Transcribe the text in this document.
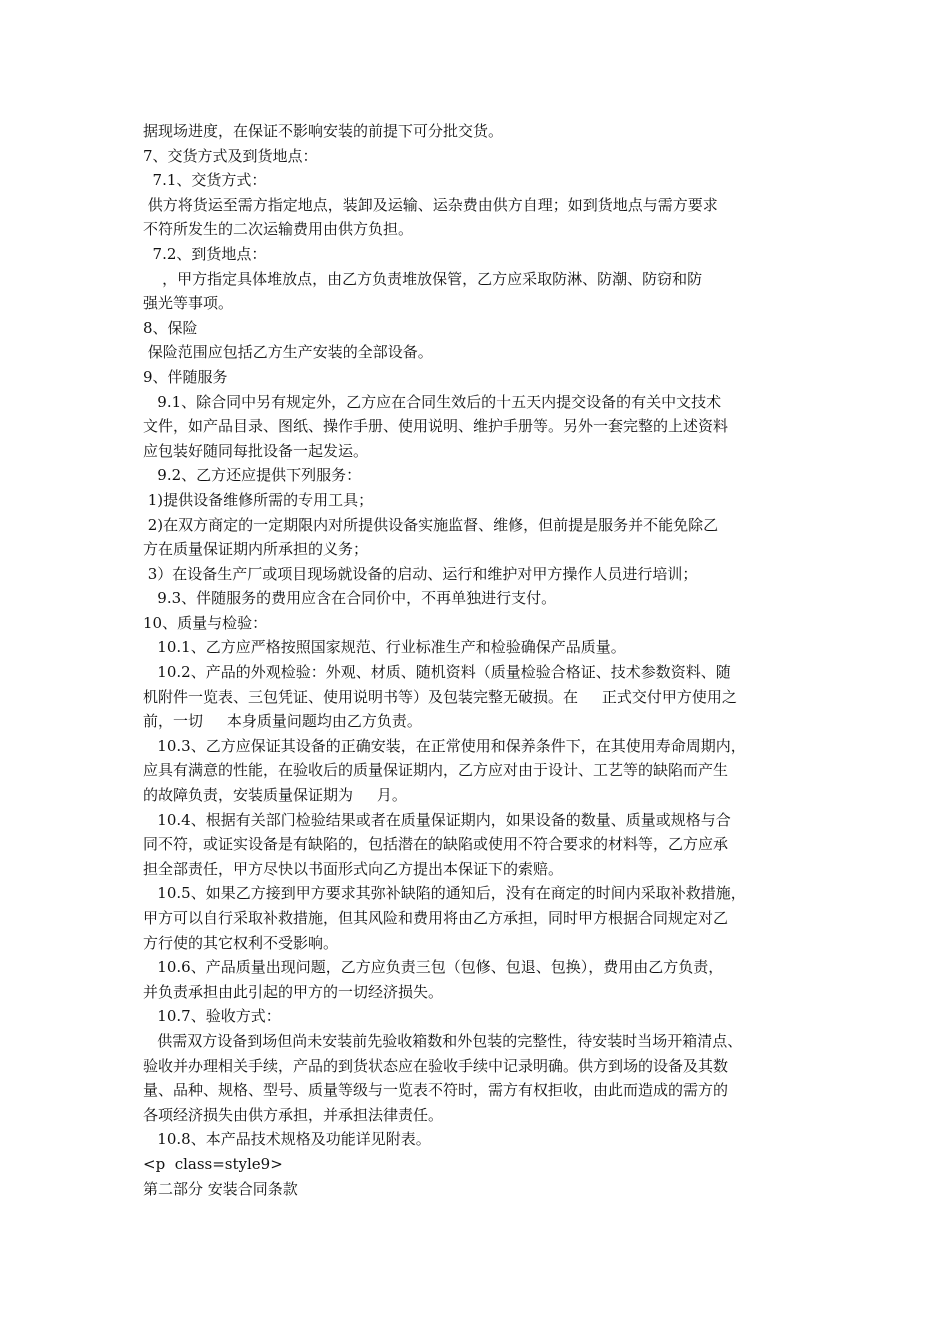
据现场进度，在保证不影响安装的前提下可分批交货。
7、交货方式及到货地点：
7.1、交货方式：
供方将货运至需方指定地点，装卸及运输、运杂费由供方自理；如到货地点与需方要求
不符所发生的二次运输费用由供方负担。
7.2、到货地点：
，甲方指定具体堆放点，由乙方负责堆放保管，乙方应采取防淋、防潮、防窃和防
强光等事项。
8、保险
保险范围应包括乙方生产安装的全部设备。
9、伴随服务
9.1、除合同中另有规定外，乙方应在合同生效后的十五天内提交设备的有关中文技术
文件，如产品目录、图纸、操作手册、使用说明、维护手册等。另外一套完整的上述资料
应包装好随同每批设备一起发运。
9.2、乙方还应提供下列服务：
1)提供设备维修所需的专用工具；
2)在双方商定的一定期限内对所提供设备实施监督、维修，但前提是服务并不能免除乙
方在质量保证期内所承担的义务；
3）在设备生产厂或项目现场就设备的启动、运行和维护对甲方操作人员进行培训；
9.3、伴随服务的费用应含在合同价中，不再单独进行支付。
10、质量与检验：
10.1、乙方应严格按照国家规范、行业标准生产和检验确保产品质量。
10.2、产品的外观检验：外观、材质、随机资料（质量检验合格证、技术参数资料、随
机附件一览表、三包凭证、使用说明书等）及包装完整无破损。在     正式交付甲方使用之
前，一切     本身质量问题均由乙方负责。
10.3、乙方应保证其设备的正确安装，在正常使用和保养条件下，在其使用寿命周期内，
应具有满意的性能，在验收后的质量保证期内，乙方应对由于设计、工艺等的缺陷而产生
的故障负责，安装质量保证期为     月。
10.4、根据有关部门检验结果或者在质量保证期内，如果设备的数量、质量或规格与合
同不符，或证实设备是有缺陷的，包括潜在的缺陷或使用不符合要求的材料等，乙方应承
担全部责任，甲方尽快以书面形式向乙方提出本保证下的索赔。
10.5、如果乙方接到甲方要求其弥补缺陷的通知后，没有在商定的时间内采取补救措施，
甲方可以自行采取补救措施，但其风险和费用将由乙方承担，同时甲方根据合同规定对乙
方行使的其它权利不受影响。
10.6、产品质量出现问题，乙方应负责三包（包修、包退、包换），费用由乙方负责，
并负责承担由此引起的甲方的一切经济损失。
10.7、验收方式：
供需双方设备到场但尚未安装前先验收箱数和外包装的完整性，待安装时当场开箱清点、
验收并办理相关手续，产品的到货状态应在验收手续中记录明确。供方到场的设备及其数
量、品种、规格、型号、质量等级与一览表不符时，需方有权拒收，由此而造成的需方的
各项经济损失由供方承担，并承担法律责任。
10.8、本产品技术规格及功能详见附表。
<p  class=style9>
第二部分 安装合同条款
